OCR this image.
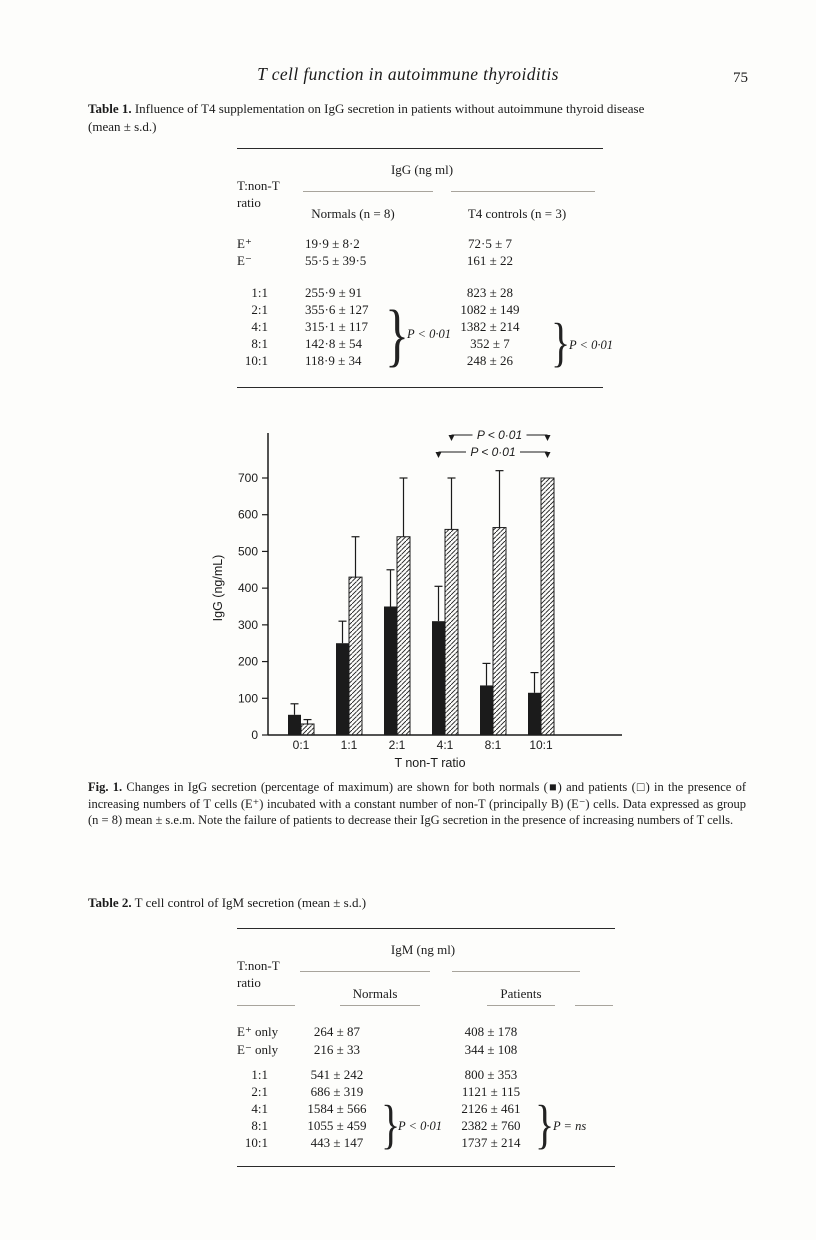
T cell function in autoimmune thyroiditis	75
Table 1. Influence of T4 supplementation on IgG secretion in patients without autoimmune thyroid disease
(mean ± s.d.)
IgG (ng ml)
T:non-T
ratio
Normals (n = 8)	T4 controls (n = 3)
E⁺	19·9 ± 8·2	72·5 ± 7
E⁻	55·5 ± 39·5	161 ± 22
1:1	255·9 ± 91	823 ± 28
2:1	355·6 ± 127	1082 ± 149
4:1	315·1 ± 117	1382 ± 214
8:1	142·8 ± 54	352 ± 7
10:1	118·9 ± 34	248 ± 26
}
P < 0·01	}
P < 0·01
0
100
200
300
400
500
600
700
0:1	1:1	2:1	4:1	8:1 10:1
T non-T ratio
IgG (ng/mL)
P < 0·01
P < 0·01
Fig. 1. Changes in IgG secretion (percentage of maximum) are shown for both normals (■) and patients (□) in the presence of increasing numbers of T cells (E⁺) incubated with a constant number of non-T (principally B) (E⁻) cells. Data expressed as group (n = 8) mean ± s.e.m. Note the failure of patients to decrease their IgG secretion in the presence of increasing numbers of T cells.
Table 2. T cell control of IgM secretion (mean ± s.d.)
IgM (ng ml)
T:non-T
ratio
Normals	Patients
E⁺ only	264 ± 87	408 ± 178
E⁻ only	216 ± 33	344 ± 108
1:1	541 ± 242	800 ± 353
2:1	686 ± 319	1121 ± 115
4:1	1584 ± 566	2126 ± 461
8:1	1055 ± 459	2382 ± 760
10:1	443 ± 147	1737 ± 214
}
P < 0·01 }
P = ns
